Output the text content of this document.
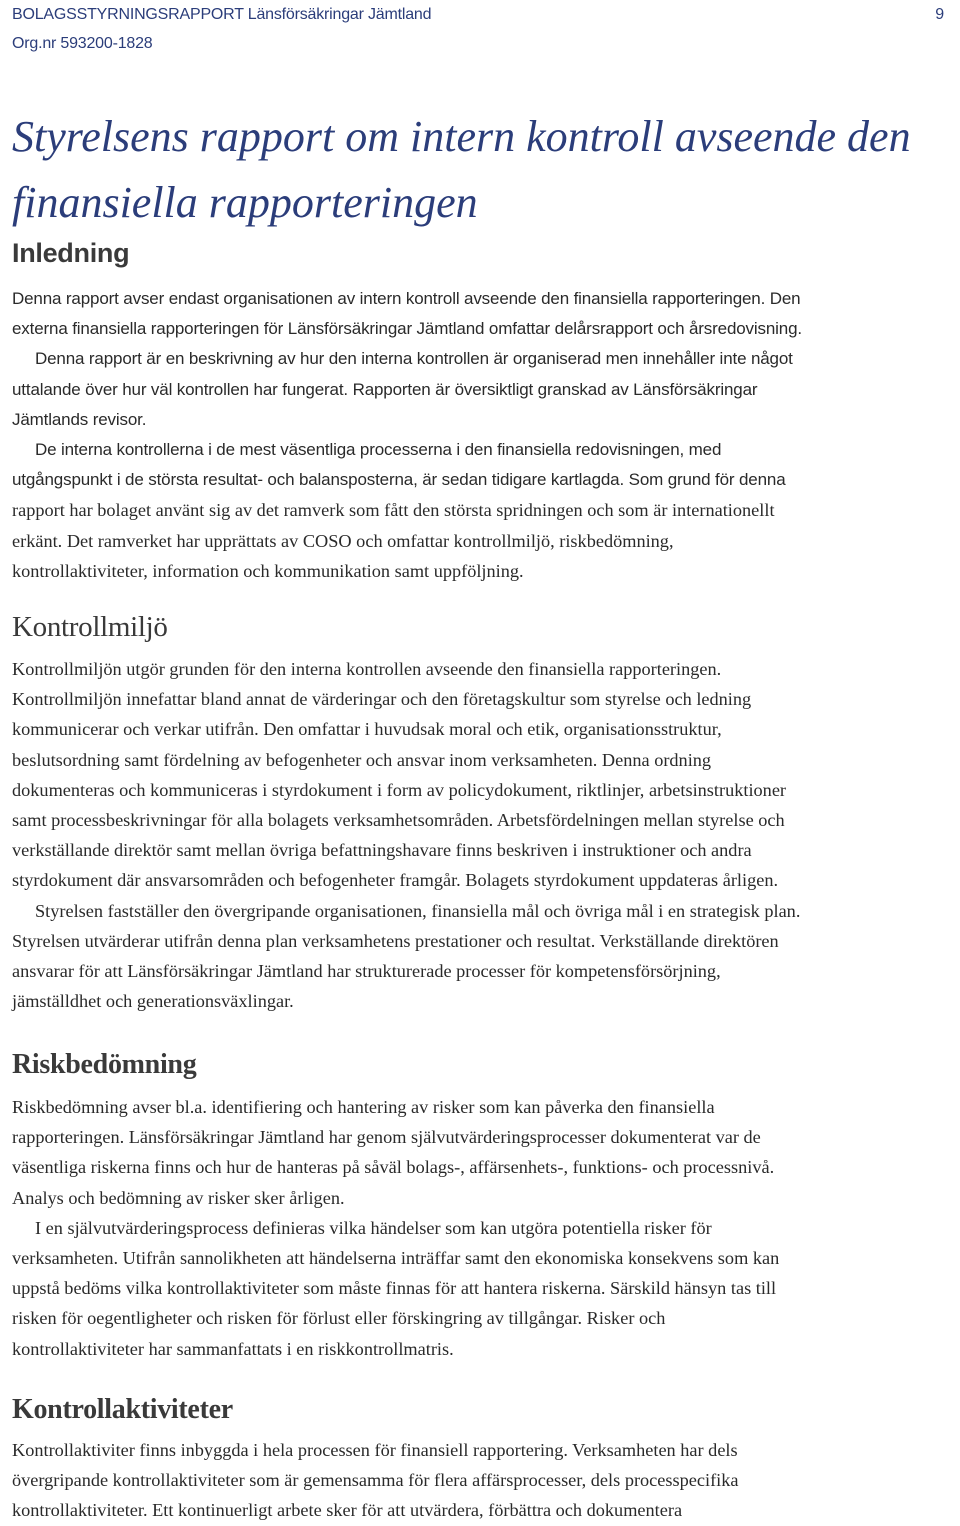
BOLAGSSTYRNINGSRAPPORT Länsförsäkringar Jämtland	9
Org.nr 593200-1828
Styrelsens rapport om intern kontroll avseende den
finansiella rapporteringen
Inledning
Denna rapport avser endast organisationen av intern kontroll avseende den finansiella rapporteringen. Den
externa finansiella rapporteringen för Länsförsäkringar Jämtland omfattar delårsrapport och årsredovisning.
Denna rapport är en beskrivning av hur den interna kontrollen är organiserad men innehåller inte något
uttalande över hur väl kontrollen har fungerat. Rapporten är översiktligt granskad av Länsförsäkringar
Jämtlands revisor.
De interna kontrollerna i de mest väsentliga processerna i den finansiella redovisningen, med
utgångspunkt i de största resultat- och balansposterna, är sedan tidigare kartlagda. Som grund för denna
rapport har bolaget använt sig av det ramverk som fått den största spridningen och som är internationellt
erkänt. Det ramverket har upprättats av COSO och omfattar kontrollmiljö, riskbedömning,
kontrollaktiviteter, information och kommunikation samt uppföljning.
Kontrollmiljö
Kontrollmiljön utgör grunden för den interna kontrollen avseende den finansiella rapporteringen.
Kontrollmiljön innefattar bland annat de värderingar och den företagskultur som styrelse och ledning
kommunicerar och verkar utifrån. Den omfattar i huvudsak moral och etik, organisationsstruktur,
beslutsordning samt fördelning av befogenheter och ansvar inom verksamheten. Denna ordning
dokumenteras och kommuniceras i styrdokument i form av policydokument, riktlinjer, arbetsinstruktioner
samt processbeskrivningar för alla bolagets verksamhetsområden. Arbetsfördelningen mellan styrelse och
verkställande direktör samt mellan övriga befattningshavare finns beskriven i instruktioner och andra
styrdokument där ansvarsområden och befogenheter framgår. Bolagets styrdokument uppdateras årligen.
Styrelsen fastställer den övergripande organisationen, finansiella mål och övriga mål i en strategisk plan.
Styrelsen utvärderar utifrån denna plan verksamhetens prestationer och resultat. Verkställande direktören
ansvarar för att Länsförsäkringar Jämtland har strukturerade processer för kompetensförsörjning,
jämställdhet och generationsväxlingar.
Riskbedömning
Riskbedömning avser bl.a. identifiering och hantering av risker som kan påverka den finansiella
rapporteringen. Länsförsäkringar Jämtland har genom självutvärderingsprocesser dokumenterat var de
väsentliga riskerna finns och hur de hanteras på såväl bolags-, affärsenhets-, funktions- och processnivå.
Analys och bedömning av risker sker årligen.
I en självutvärderingsprocess definieras vilka händelser som kan utgöra potentiella risker för
verksamheten. Utifrån sannolikheten att händelserna inträffar samt den ekonomiska konsekvens som kan
uppstå bedöms vilka kontrollaktiviteter som måste finnas för att hantera riskerna. Särskild hänsyn tas till
risken för oegentligheter och risken för förlust eller förskingring av tillgångar. Risker och
kontrollaktiviteter har sammanfattats i en riskkontrollmatris.
Kontrollaktiviteter
Kontrollaktiviter finns inbyggda i hela processen för finansiell rapportering. Verksamheten har dels
övergripande kontrollaktiviteter som är gemensamma för flera affärsprocesser, dels processpecifika
kontrollaktiviteter. Ett kontinuerligt arbete sker för att utvärdera, förbättra och dokumentera
